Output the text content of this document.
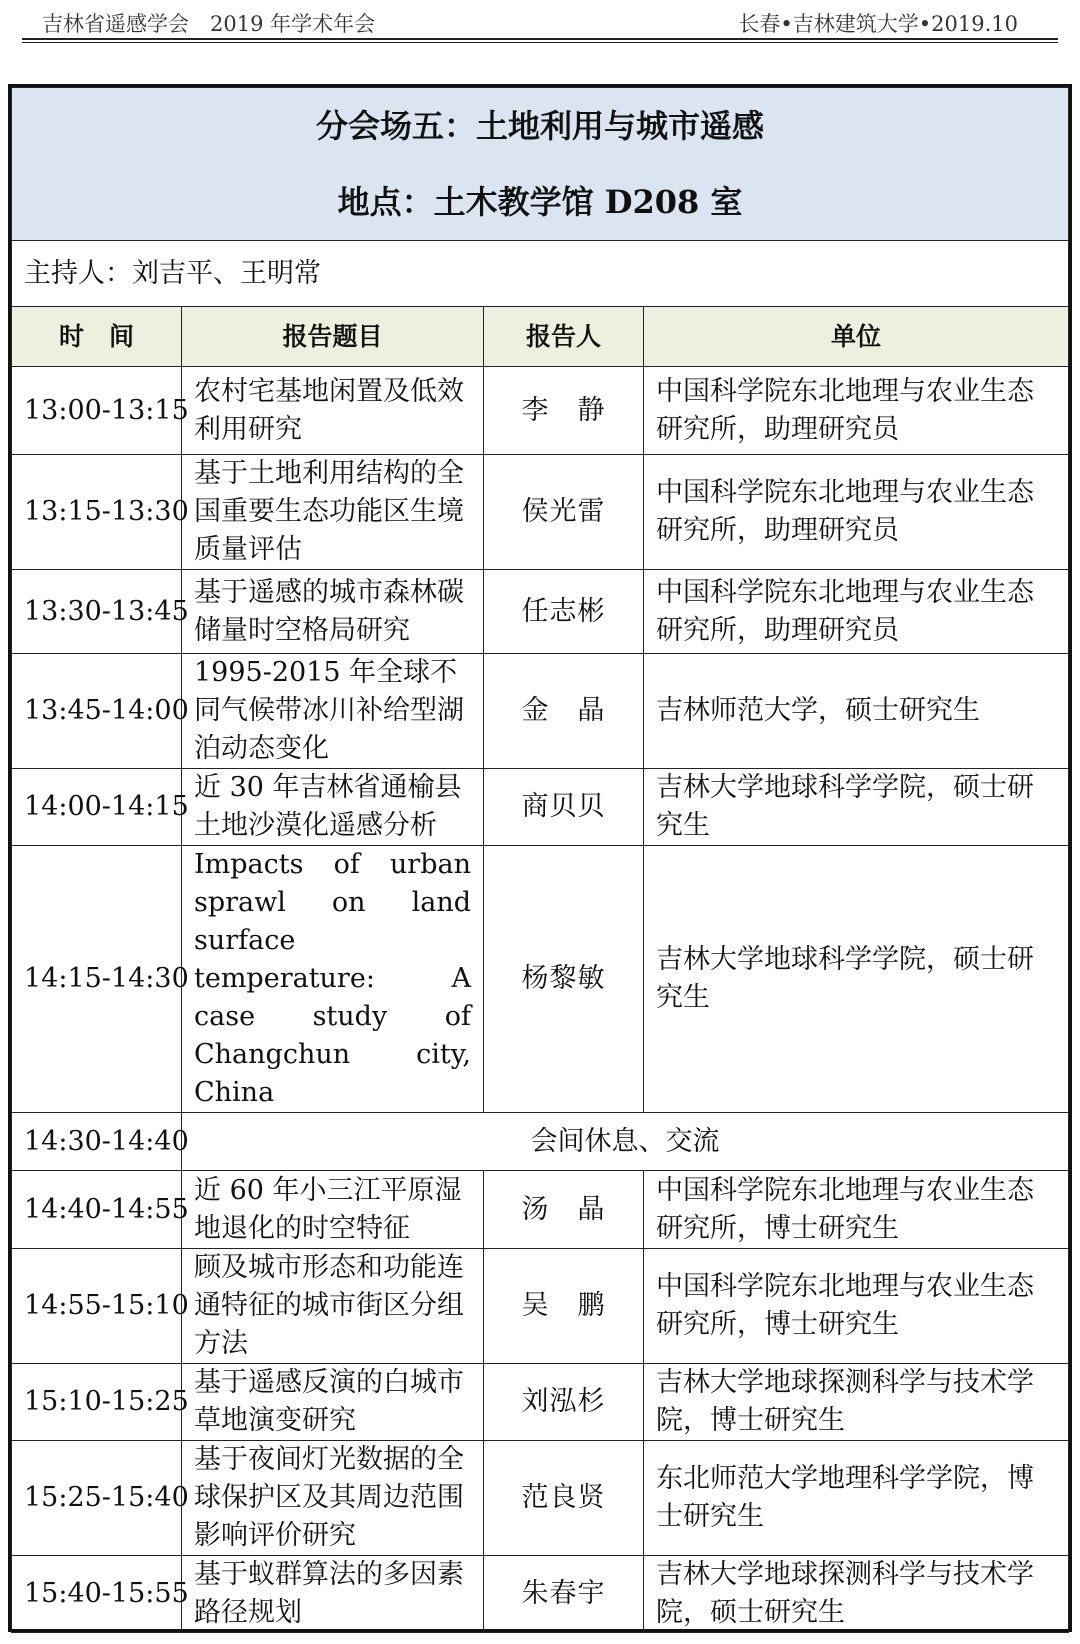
吉林省遥感学会　2019 年学术年会	长春•吉林建筑大学•2019.10
分会场五：土地利用与城市遥感
地点：土木教学馆 D208 室			

主持人：刘吉平、王明常			
时　间	报告题目	报告人	单位
13:00-13:15	农村宅基地闲置及低效利用研究	李　静	中国科学院东北地理与农业生态研究所，助理研究员
13:15-13:30	基于土地利用结构的全国重要生态功能区生境质量评估	侯光雷	中国科学院东北地理与农业生态研究所，助理研究员
13:30-13:45	基于遥感的城市森林碳储量时空格局研究	任志彬	中国科学院东北地理与农业生态研究所，助理研究员
13:45-14:00	1995-2015 年全球不同气候带冰川补给型湖泊动态变化	金　晶	吉林师范大学，硕士研究生
14:00-14:15	近 30 年吉林省通榆县土地沙漠化遥感分析	商贝贝	吉林大学地球科学学院，硕士研究生
14:15-14:30	Impacts of urban sprawl on land surface temperature: A case study of Changchun city, China	杨黎敏	吉林大学地球科学学院，硕士研究生
14:30-14:40	会间休息、交流		
14:40-14:55	近 60 年小三江平原湿地退化的时空特征	汤　晶	中国科学院东北地理与农业生态研究所，博士研究生
14:55-15:10	顾及城市形态和功能连通特征的城市街区分组方法	吴　鹏	中国科学院东北地理与农业生态研究所，博士研究生
15:10-15:25	基于遥感反演的白城市草地演变研究	刘泓杉	吉林大学地球探测科学与技术学院，博士研究生
15:25-15:40	基于夜间灯光数据的全球保护区及其周边范围影响评价研究	范良贤	东北师范大学地理科学学院，博士研究生
15:40-15:55	基于蚁群算法的多因素路径规划	朱春宇	吉林大学地球探测科学与技术学院，硕士研究生
